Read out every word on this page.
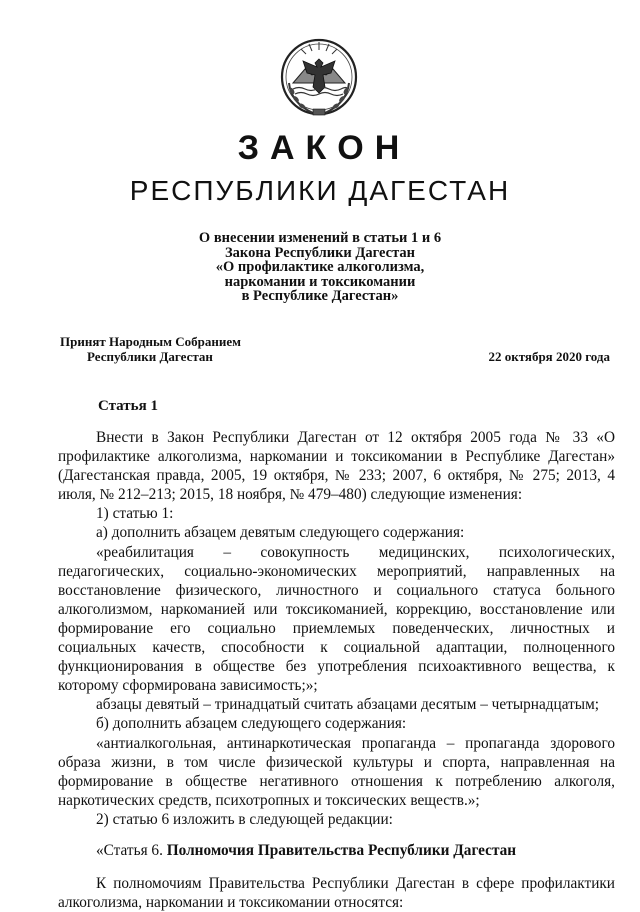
ЗАКОН
РЕСПУБЛИКИ ДАГЕСТАН
О внесении изменений в статьи 1 и 6
Закона Республики Дагестан
«О профилактике алкоголизма,
наркомании и токсикомании
в Республике Дагестан»
Принят Народным Собранием
Республики Дагестан	22 октября 2020 года
Статья 1

Внести в Закон Республики Дагестан от 12 октября 2005 года № 33 «О профилактике алкоголизма, наркомании и токсикомании в Республике Дагестан» (Дагестанская правда, 2005, 19 октября, № 233; 2007, 6 октября, № 275; 2013, 4 июля, № 212–213; 2015, 18 ноября, № 479–480) следующие изменения:

1) статью 1:

а) дополнить абзацем девятым следующего содержания:

«реабилитация – совокупность медицинских, психологических, педагогических, социально-экономических мероприятий, направленных на восстановление физического, личностного и социального статуса больного алкоголизмом, наркоманией или токсикоманией, коррекцию, восстановление или формирование его социально приемлемых поведенческих, личностных и социальных качеств, способности к социальной адаптации, полноценного функционирования в обществе без употребления психоактивного вещества, к которому сформирована зависимость;»;

абзацы девятый – тринадцатый считать абзацами десятым – четырнадцатым;

б) дополнить абзацем следующего содержания:

«антиалкогольная, антинаркотическая пропаганда – пропаганда здорового образа жизни, в том числе физической культуры и спорта, направленная на формирование в обществе негативного отношения к потреблению алкоголя, наркотических средств, психотропных и токсических веществ.»;

2) статью 6 изложить в следующей редакции:

«Статья 6. Полномочия Правительства Республики Дагестан

К полномочиям Правительства Республики Дагестан в сфере профилактики алкоголизма, наркомании и токсикомании относятся:
